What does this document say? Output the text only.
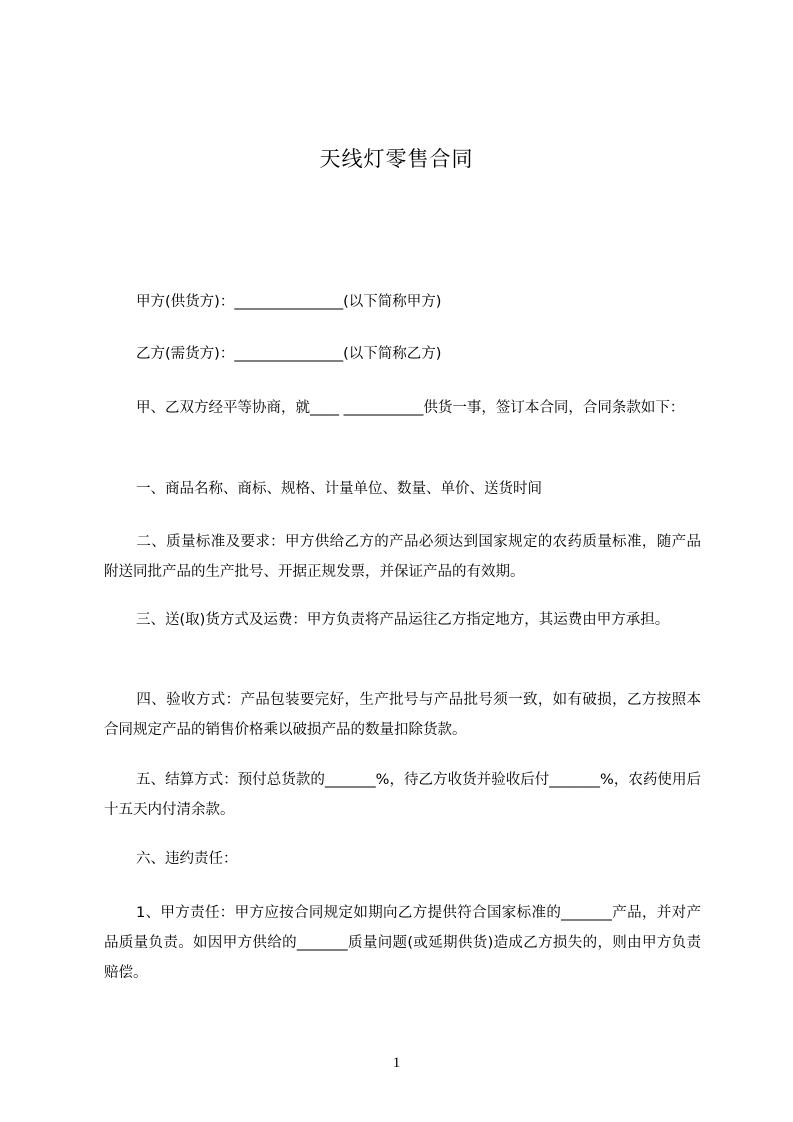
天线灯零售合同
甲方(供货方)：_______________(以下简称甲方)
乙方(需货方)：_______________(以下简称乙方)
甲、乙双方经平等协商，就____ ___________供货一事，签订本合同，合同条款如下：
一、商品名称、商标、规格、计量单位、数量、单价、送货时间
二、质量标准及要求：甲方供给乙方的产品必须达到国家规定的农药质量标准，随产品附送同批产品的生产批号、开据正规发票，并保证产品的有效期。
三、送(取)货方式及运费：甲方负责将产品运往乙方指定地方，其运费由甲方承担。
四、验收方式：产品包装要完好，生产批号与产品批号须一致，如有破损，乙方按照本合同规定产品的销售价格乘以破损产品的数量扣除货款。
五、结算方式：预付总货款的_______%，待乙方收货并验收后付_______%，农药使用后十五天内付清余款。
六、违约责任：
1、甲方责任：甲方应按合同规定如期向乙方提供符合国家标准的_______产品，并对产品质量负责。如因甲方供给的_______质量问题(或延期供货)造成乙方损失的，则由甲方负责赔偿。
1
